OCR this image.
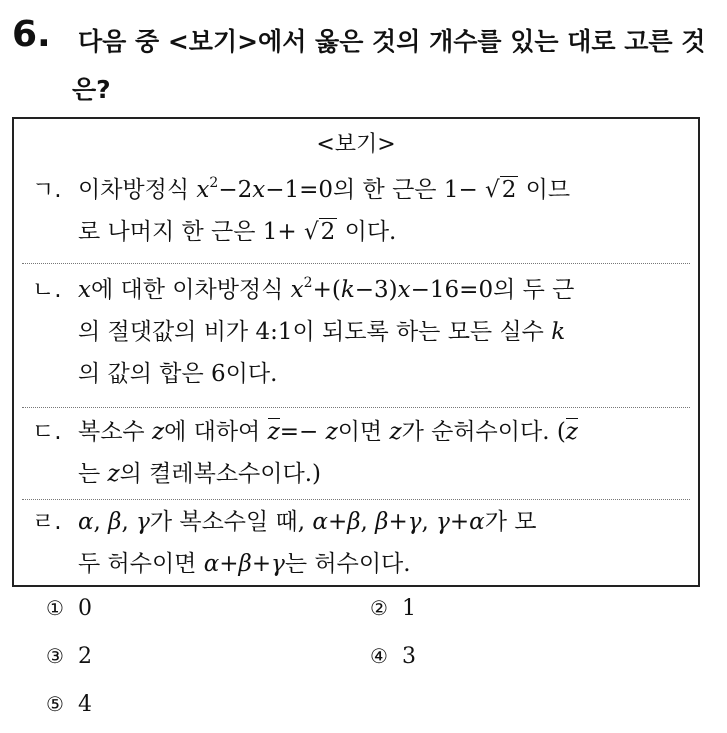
6. 다음 중 <보기>에서 옳은 것의 개수를 있는 대로 고른 것은?
<보기>
ㄱ. 이차방정식 $x^2-2x-1=0$의 한 근은 1− √2 이므
로 나머지 한 근은 1+ √2 이다.
ㄴ. x에 대한 이차방정식 $x^2+(k-3)x-16=0$의 두 근
의 절댓값의 비가 4:1이 되도록 하는 모든 실수 k
의 값의 합은 6이다.
ㄷ. 복소수 z에 대하여 z=− z이면 z가 순허수이다. (z
는 z의 켤레복소수이다.)
ㄹ. α, β, γ가 복소수일 때, α+β, β+γ, γ+α가 모
두 허수이면 α+β+γ는 허수이다.
① 0	② 1
③ 2	④ 3
⑤ 4
